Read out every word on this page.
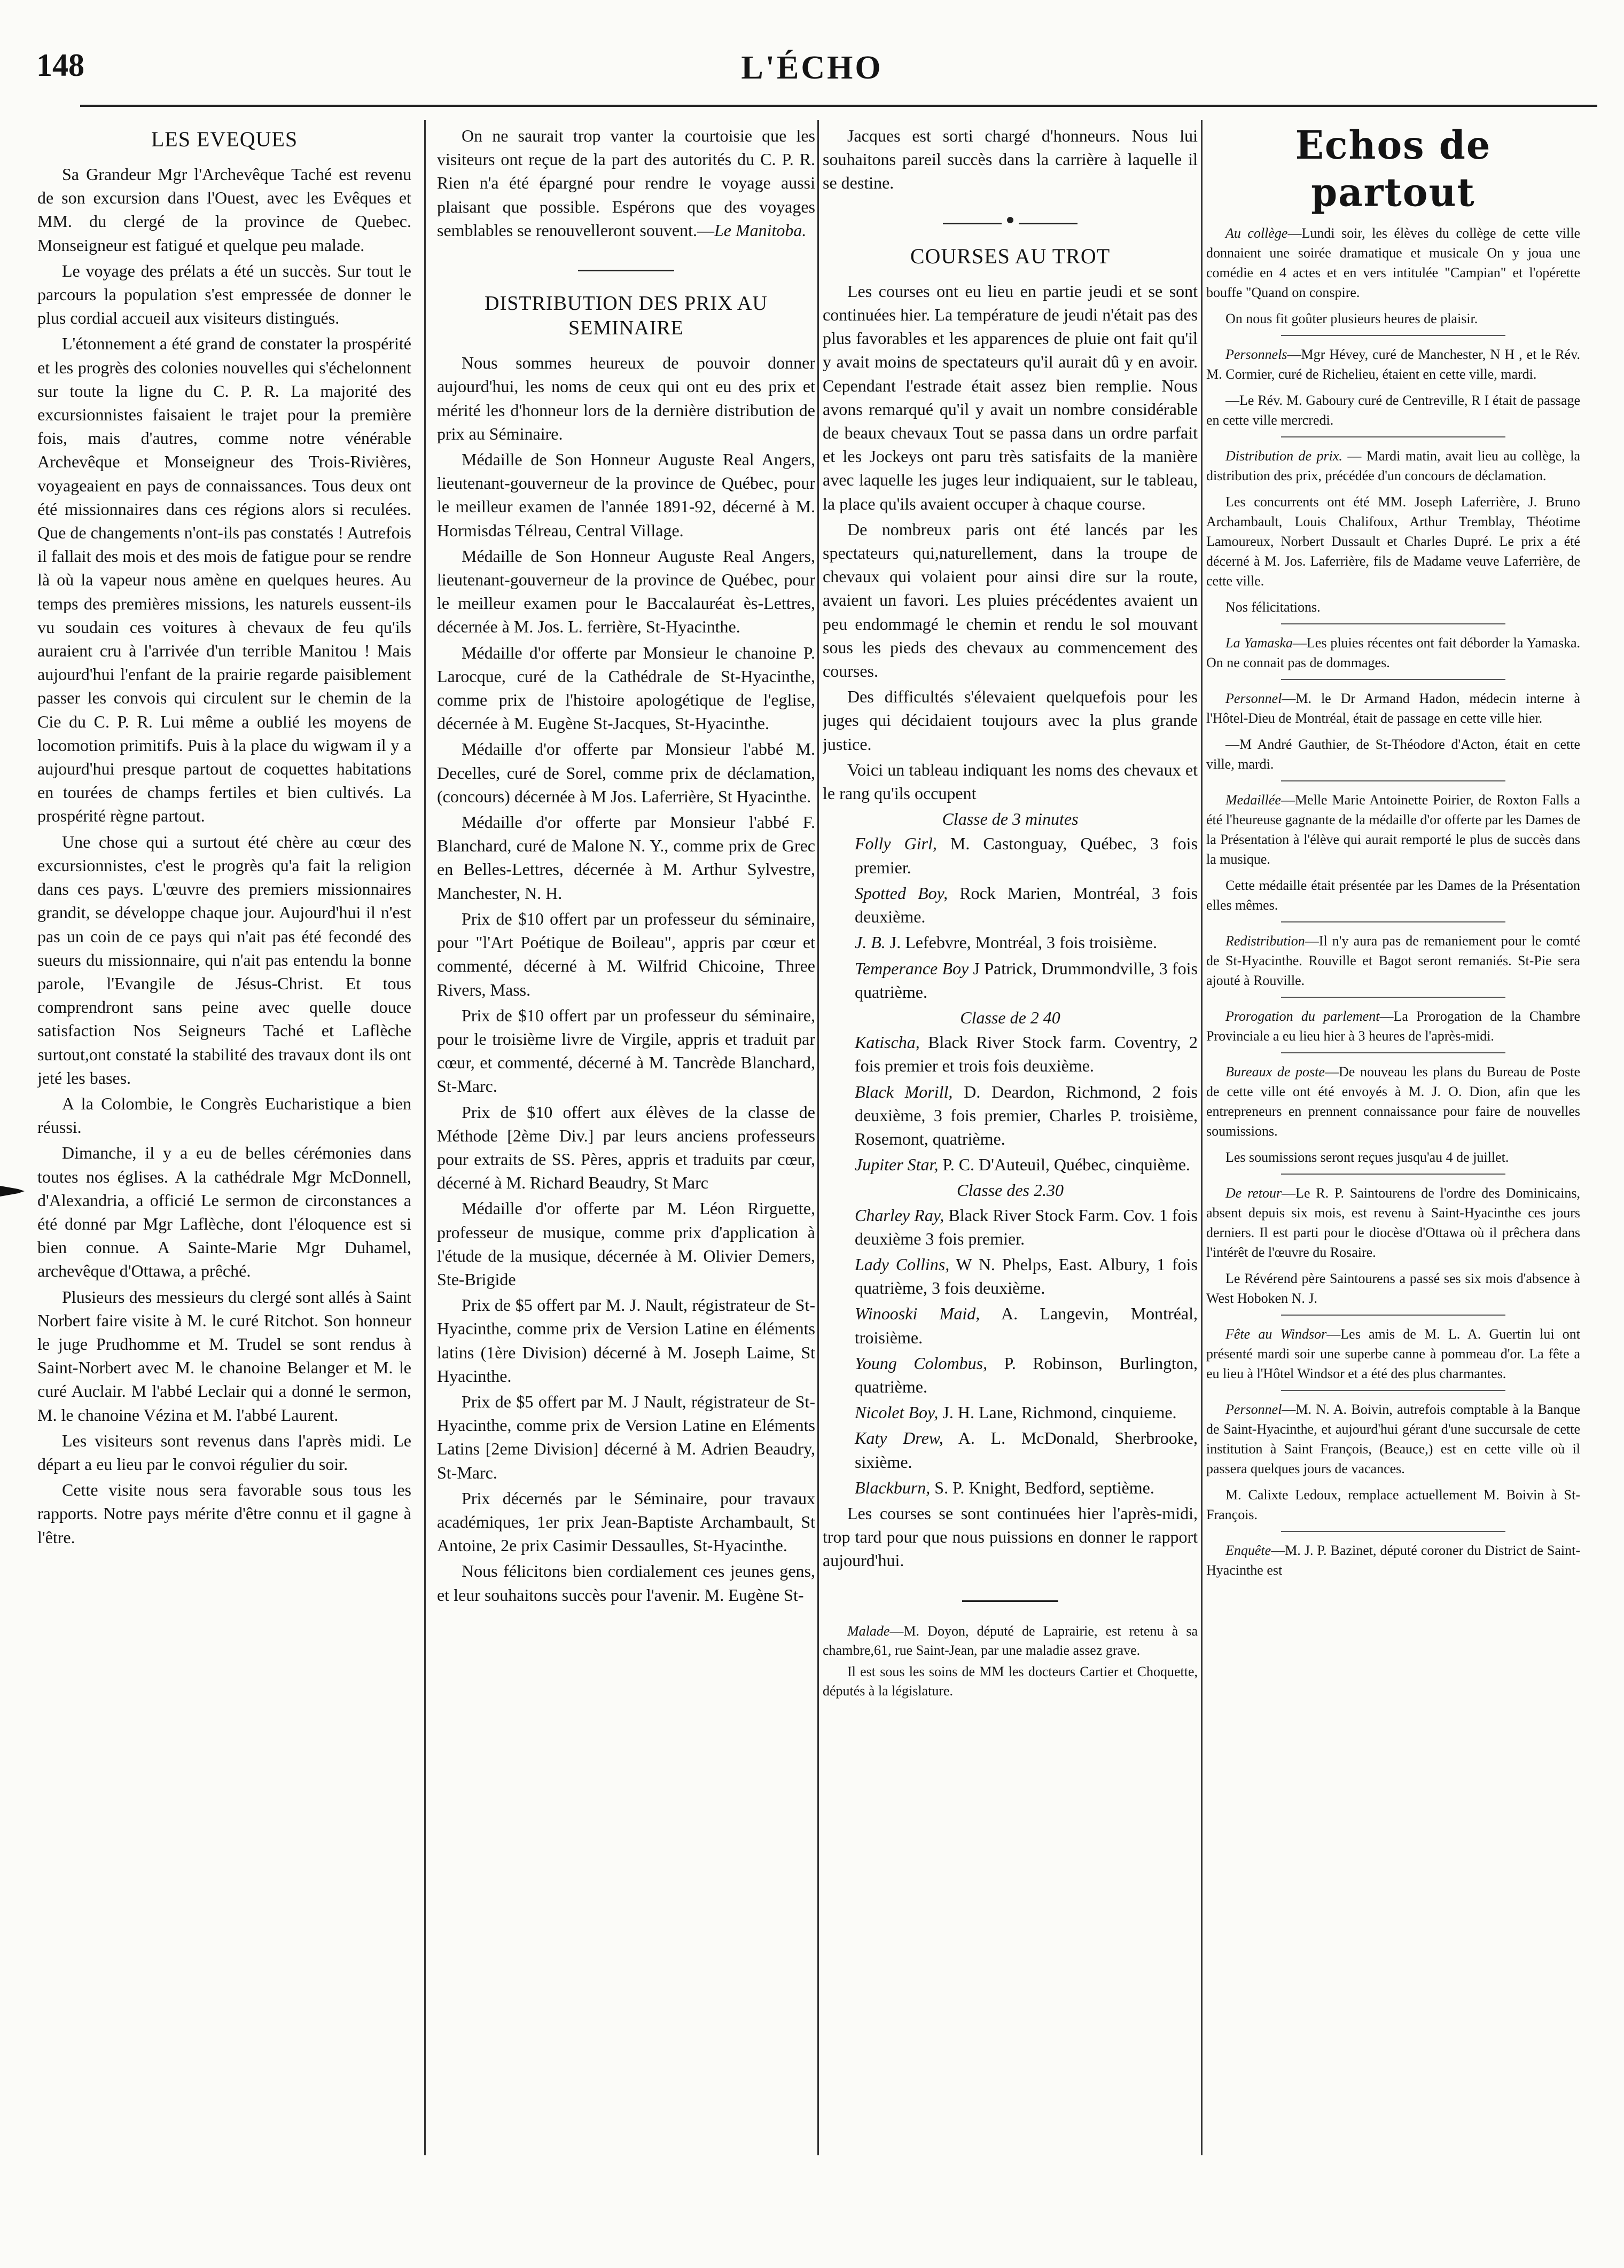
148	L'ÉCHO
LES EVEQUES

Sa Grandeur Mgr l'Archevêque Taché est revenu de son excursion dans l'Ouest, avec les Evêques et MM. du clergé de la province de Quebec. Monseigneur est fatigué et quelque peu malade.

Le voyage des prélats a été un succès. Sur tout le parcours la population s'est empressée de donner le plus cordial accueil aux visiteurs distingués.

L'étonnement a été grand de constater la prospérité et les progrès des colonies nouvelles qui s'échelonnent sur toute la ligne du C. P. R. La majorité des excursionnistes faisaient le trajet pour la première fois, mais d'autres, comme notre vénérable Archevêque et Monseigneur des Trois-Rivières, voyageaient en pays de connaissances. Tous deux ont été missionnaires dans ces régions alors si reculées. Que de changements n'ont-ils pas constatés ! Autrefois il fallait des mois et des mois de fatigue pour se rendre là où la vapeur nous amène en quelques heures. Au temps des premières missions, les naturels eussent-ils vu soudain ces voitures à chevaux de feu qu'ils auraient cru à l'arrivée d'un terrible Manitou ! Mais aujourd'hui l'enfant de la prairie regarde paisiblement passer les convois qui circulent sur le chemin de la Cie du C. P. R. Lui même a oublié les moyens de locomotion primitifs. Puis à la place du wigwam il y a aujourd'hui presque partout de coquettes habitations en tourées de champs fertiles et bien cultivés. La prospérité règne partout.

Une chose qui a surtout été chère au cœur des excursionnistes, c'est le progrès qu'a fait la religion dans ces pays. L'œuvre des premiers missionnaires grandit, se développe chaque jour. Aujourd'hui il n'est pas un coin de ce pays qui n'ait pas été fecondé des sueurs du missionnaire, qui n'ait pas entendu la bonne parole, l'Evangile de Jésus-Christ. Et tous comprendront sans peine avec quelle douce satisfaction Nos Seigneurs Taché et Laflèche surtout,ont constaté la stabilité des travaux dont ils ont jeté les bases.

A la Colombie, le Congrès Eucharistique a bien réussi.

Dimanche, il y a eu de belles cérémonies dans toutes nos églises. A la cathédrale Mgr McDonnell, d'Alexandria, a officié Le sermon de circonstances a été donné par Mgr Laflèche, dont l'éloquence est si bien connue. A Sainte-Marie Mgr Duhamel, archevêque d'Ottawa, a prêché.

Plusieurs des messieurs du clergé sont allés à Saint Norbert faire visite à M. le curé Ritchot. Son honneur le juge Prudhomme et M. Trudel se sont rendus à Saint-Norbert avec M. le chanoine Belanger et M. le curé Auclair. M l'abbé Leclair qui a donné le sermon, M. le chanoine Vézina et M. l'abbé Laurent.

Les visiteurs sont revenus dans l'après midi. Le départ a eu lieu par le convoi régulier du soir.

Cette visite nous sera favorable sous tous les rapports. Notre pays mérite d'être connu et il gagne à l'être.

On ne saurait trop vanter la courtoisie que les visiteurs ont reçue de la part des autorités du C. P. R. Rien n'a été épargné pour rendre le voyage aussi plaisant que possible. Espérons que des voyages semblables se renouvelleront souvent.—Le Manitoba.

DISTRIBUTION DES PRIX AU SEMINAIRE

Nous sommes heureux de pouvoir donner aujourd'hui, les noms de ceux qui ont eu des prix et mérité les d'honneur lors de la dernière distribution de prix au Séminaire.

Médaille de Son Honneur Auguste Real Angers, lieutenant-gouverneur de la province de Québec, pour le meilleur examen de l'année 1891-92, décerné à M. Hormisdas Télreau, Central Village.

Médaille de Son Honneur Auguste Real Angers, lieutenant-gouverneur de la province de Québec, pour le meilleur examen pour le Baccalauréat ès-Lettres, décernée à M. Jos. L. ferrière, St-Hyacinthe.

Médaille d'or offerte par Monsieur le chanoine P. Larocque, curé de la Cathédrale de St-Hyacinthe, comme prix de l'histoire apologétique de l'eglise, décernée à M. Eugène St-Jacques, St-Hyacinthe.

Médaille d'or offerte par Monsieur l'abbé M. Decelles, curé de Sorel, comme prix de déclamation, (concours) décernée à M Jos. Laferrière, St Hyacinthe.

Médaille d'or offerte par Monsieur l'abbé F. Blanchard, curé de Malone N. Y., comme prix de Grec en Belles-Lettres, décernée à M. Arthur Sylvestre, Manchester, N. H.

Prix de $10 offert par un professeur du séminaire, pour "l'Art Poétique de Boileau", appris par cœur et commenté, décerné à M. Wilfrid Chicoine, Three Rivers, Mass.

Prix de $10 offert par un professeur du séminaire, pour le troisième livre de Virgile, appris et traduit par cœur, et commenté, décerné à M. Tancrède Blanchard, St-Marc.

Prix de $10 offert aux élèves de la classe de Méthode [2ème Div.] par leurs anciens professeurs pour extraits de SS. Pères, appris et traduits par cœur, décerné à M. Richard Beaudry, St Marc

Médaille d'or offerte par M. Léon Rirguette, professeur de musique, comme prix d'application à l'étude de la musique, décernée à M. Olivier Demers, Ste-Brigide

Prix de $5 offert par M. J. Nault, régistrateur de St-Hyacinthe, comme prix de Version Latine en éléments latins (1ère Division) décerné à M. Joseph Laime, St Hyacinthe.

Prix de $5 offert par M. J Nault, régistrateur de St-Hyacinthe, comme prix de Version Latine en Eléments Latins [2eme Division] décerné à M. Adrien Beaudry, St-Marc.

Prix décernés par le Séminaire, pour travaux académiques, 1er prix Jean-Baptiste Archambault, St Antoine, 2e prix Casimir Dessaulles, St-Hyacinthe.

Nous félicitons bien cordialement ces jeunes gens, et leur souhaitons succès pour l'avenir. M. Eugène St-

Jacques est sorti chargé d'honneurs. Nous lui souhaitons pareil succès dans la carrière à laquelle il se destine.

COURSES AU TROT

Les courses ont eu lieu en partie jeudi et se sont continuées hier. La température de jeudi n'était pas des plus favorables et les apparences de pluie ont fait qu'il y avait moins de spectateurs qu'il aurait dû y en avoir. Cependant l'estrade était assez bien remplie. Nous avons remarqué qu'il y avait un nombre considérable de beaux chevaux Tout se passa dans un ordre parfait et les Jockeys ont paru très satisfaits de la manière avec laquelle les juges leur indiquaient, sur le tableau, la place qu'ils avaient occuper à chaque course.

De nombreux paris ont été lancés par les spectateurs qui,naturellement, dans la troupe de chevaux qui volaient pour ainsi dire sur la route, avaient un favori. Les pluies précédentes avaient un peu endommagé le chemin et rendu le sol mouvant sous les pieds des chevaux au commencement des courses.

Des difficultés s'élevaient quelquefois pour les juges qui décidaient toujours avec la plus grande justice.

Voici un tableau indiquant les noms des chevaux et le rang qu'ils occupent

Classe de 3 minutes

Folly Girl, M. Castonguay, Québec, 3 fois premier.

Spotted Boy, Rock Marien, Montréal, 3 fois deuxième.

J. B. J. Lefebvre, Montréal, 3 fois troisième.

Temperance Boy J Patrick, Drummondville, 3 fois quatrième.

Classe de 2 40

Katischa, Black River Stock farm. Coventry, 2 fois premier et trois fois deuxième.

Black Morill, D. Deardon, Richmond, 2 fois deuxième, 3 fois premier, Charles P. troisième, Rosemont, quatrième.

Jupiter Star, P. C. D'Auteuil, Québec, cinquième.

Classe des 2.30

Charley Ray, Black River Stock Farm. Cov. 1 fois deuxième 3 fois premier.

Lady Collins, W N. Phelps, East. Albury, 1 fois quatrième, 3 fois deuxième.

Winooski Maid, A. Langevin, Montréal, troisième.

Young Colombus, P. Robinson, Burlington, quatrième.

Nicolet Boy, J. H. Lane, Richmond, cinquieme.

Katy Drew, A. L. McDonald, Sherbrooke, sixième.

Blackburn, S. P. Knight, Bedford, septième.

Les courses se sont continuées hier l'après-midi, trop tard pour que nous puissions en donner le rapport aujourd'hui.

Malade—M. Doyon, député de Laprairie, est retenu à sa chambre,61, rue Saint-Jean, par une maladie assez grave.

Il est sous les soins de MM les docteurs Cartier et Choquette, députés à la législature.

Echos de partout

Au collège—Lundi soir, les élèves du collège de cette ville donnaient une soirée dramatique et musicale On y joua une comédie en 4 actes et en vers intitulée "Campian" et l'opérette bouffe "Quand on conspire.

On nous fit goûter plusieurs heures de plaisir.

Personnels—Mgr Hévey, curé de Manchester, N H , et le Rév. M. Cormier, curé de Richelieu, étaient en cette ville, mardi.

—Le Rév. M. Gaboury curé de Centreville, R I était de passage en cette ville mercredi.

Distribution de prix. — Mardi matin, avait lieu au collège, la distribution des prix, précédée d'un concours de déclamation.

Les concurrents ont été MM. Joseph Laferrière, J. Bruno Archambault, Louis Chalifoux, Arthur Tremblay, Théotime Lamoureux, Norbert Dussault et Charles Dupré. Le prix a été décerné à M. Jos. Laferrière, fils de Madame veuve Laferrière, de cette ville.

Nos félicitations.

La Yamaska—Les pluies récentes ont fait déborder la Yamaska. On ne connait pas de dommages.

Personnel—M. le Dr Armand Hadon, médecin interne à l'Hôtel-Dieu de Montréal, était de passage en cette ville hier.

—M André Gauthier, de St-Théodore d'Acton, était en cette ville, mardi.

Medaillée—Melle Marie Antoinette Poirier, de Roxton Falls a été l'heureuse gagnante de la médaille d'or offerte par les Dames de la Présentation à l'élève qui aurait remporté le plus de succès dans la musique.

Cette médaille était présentée par les Dames de la Présentation elles mêmes.

Redistribution—Il n'y aura pas de remaniement pour le comté de St-Hyacinthe. Rouville et Bagot seront remaniés. St-Pie sera ajouté à Rouville.

Prorogation du parlement—La Prorogation de la Chambre Provinciale a eu lieu hier à 3 heures de l'après-midi.

Bureaux de poste—De nouveau les plans du Bureau de Poste de cette ville ont été envoyés à M. J. O. Dion, afin que les entrepreneurs en prennent connaissance pour faire de nouvelles soumissions.

Les soumissions seront reçues jusqu'au 4 de juillet.

De retour—Le R. P. Saintourens de l'ordre des Dominicains, absent depuis six mois, est revenu à Saint-Hyacinthe ces jours derniers. Il est parti pour le diocèse d'Ottawa où il prêchera dans l'intérêt de l'œuvre du Rosaire.

Le Révérend père Saintourens a passé ses six mois d'absence à West Hoboken N. J.

Fête au Windsor—Les amis de M. L. A. Guertin lui ont présenté mardi soir une superbe canne à pommeau d'or. La fête a eu lieu à l'Hôtel Windsor et a été des plus charmantes.

Personnel—M. N. A. Boivin, autrefois comptable à la Banque de Saint-Hyacinthe, et aujourd'hui gérant d'une succursale de cette institution à Saint François, (Beauce,) est en cette ville où il passera quelques jours de vacances.

M. Calixte Ledoux, remplace actuellement M. Boivin à St-François.

Enquête—M. J. P. Bazinet, député coroner du District de Saint-Hyacinthe est
